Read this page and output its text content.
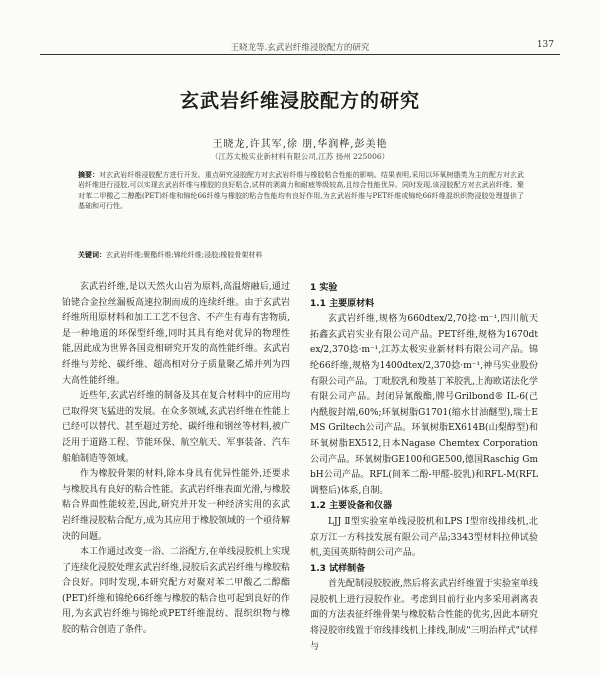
王晓龙等.玄武岩纤维浸胶配方的研究	137
玄武岩纤维浸胶配方的研究
王晓龙,许其军,徐 朋,华润桦,彭美艳
（江苏太极实业新材料有限公司,江苏 扬州 225006）
摘要：对玄武岩纤维浸胶配方进行开发。重点研究浸胶配方对玄武岩纤维与橡胶粘合性能的影响。结果表明,采用以环氧树脂类为主的配方对玄武岩纤维进行浸胶,可以实现玄武岩纤维与橡胶的良好粘合,试样的剥离力和耐疲等级较高,且综合性能优异。同时发现,该浸胶配方对玄武岩纤维、聚对苯二甲酸乙二醇酯(PET)纤维和锦纶66纤维与橡胶的粘合性能均有良好作用,为玄武岩纤维与PET纤维或锦纶66纤维混织织物浸胶处理提供了基础和可行性。
关键词：玄武岩纤维;聚酯纤维;锦纶纤维;浸胶;橡胶骨架材料

玄武岩纤维,是以天然火山岩为原料,高温熔融后,通过铂铑合金拉丝漏板高速拉制而成的连续纤维。由于玄武岩纤维所用原材料和加工工艺不包含、不产生有毒有害物质,是一种地道的环保型纤维,同时其具有绝对优异的物理性能,因此成为世界各国竞相研究开发的高性能纤维。玄武岩纤维与芳纶、碳纤维、超高相对分子质量聚乙烯并列为四大高性能纤维。

近些年,玄武岩纤维的制备及其在复合材料中的应用均已取得突飞猛进的发展。在众多领域,玄武岩纤维在性能上已经可以替代、甚至超过芳纶、碳纤维和钢丝等材料,被广泛用于道路工程、节能环保、航空航天、军事装备、汽车船舶制造等领域。

作为橡胶骨架的材料,除本身具有优异性能外,还要求与橡胶具有良好的粘合性能。玄武岩纤维表面光滑,与橡胶粘合界面性能较差,因此,研究并开发一种经济实用的玄武岩纤维浸胶粘合配方,成为其应用于橡胶领域的一个亟待解决的问题。

本工作通过改变一浴、二浴配方,在单线浸胶机上实现了连续化浸胶处理玄武岩纤维,浸胶后玄武岩纤维与橡胶粘合良好。同时发现,本研究配方对聚对苯二甲酸乙二醇酯(PET)纤维和锦纶66纤维与橡胶的粘合也可起到良好的作用,为玄武岩纤维与锦纶或PET纤维混纺、混织织物与橡胶的粘合创造了条件。

1 实验
1.1 主要原材料

玄武岩纤维,规格为660dtex/2,70捻·m⁻¹,四川航天拓鑫玄武岩实业有限公司产品。PET纤维,规格为1670dtex/2,370捻·m⁻¹,江苏太极实业新材料有限公司产品。锦纶66纤维,规格为1400dtex/2,370捻·m⁻¹,神马实业股份有限公司产品。丁吡胶乳和羧基丁苯胶乳,上海欧诺法化学有限公司产品。封闭异氰酸酯,牌号Grilbond® IL-6(己内酰胺封端,60%;环氧树脂G1701(缩水甘油醚型),瑞士EMS Griltech公司产品。环氧树脂EX614B(山梨醇型)和环氧树脂EX512,日本Nagase Chemtex Corporation公司产品。环氧树脂GE100和GE500,德国Raschig GmbH公司产品。RFL(间苯二酚-甲醛-胶乳)和RFL-M(RFL调整后)体系,自制。

1.2 主要设备和仪器

LJJ Ⅱ型实验室单线浸胶机和LPS Ⅰ型帘线排线机,北京万江一方科技发展有限公司产品;3343型材料拉伸试验机,美国英斯特朗公司产品。

1.3 试样制备

首先配制浸胶胶液,然后将玄武岩纤维置于实验室单线浸胶机上进行浸胶作业。考虑到目前行业内多采用剥离表面的方法表征纤维骨架与橡胶粘合性能的优劣,因此本研究将浸胶帘线置于帘线排线机上排线,制成"三明治样式"试样与
